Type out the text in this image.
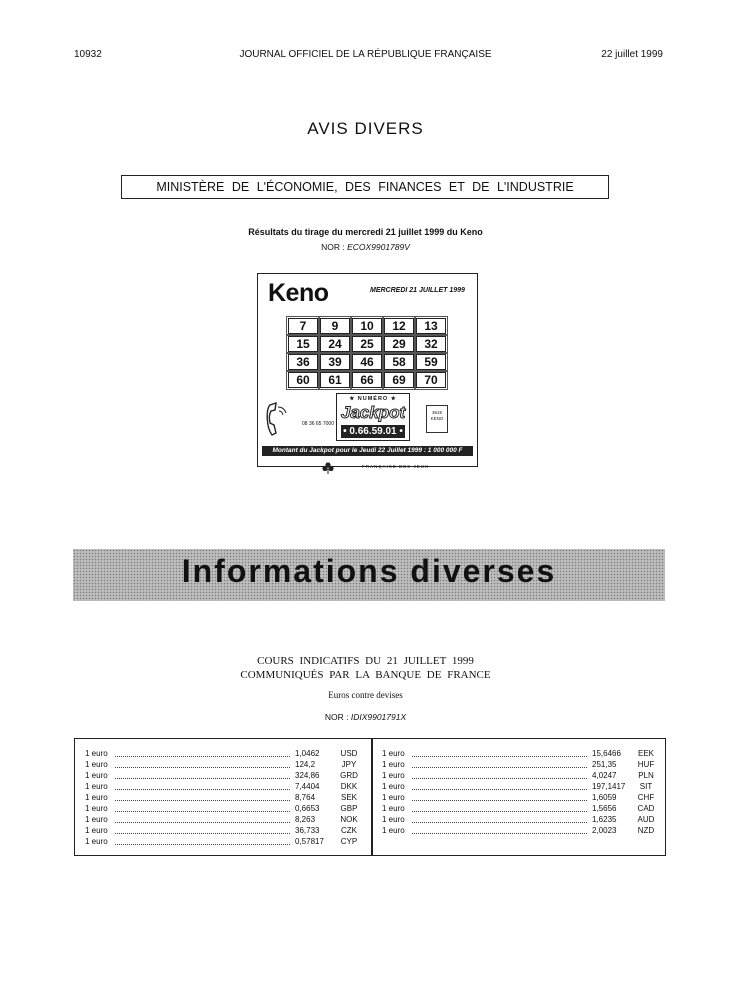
10932	JOURNAL OFFICIEL DE LA RÉPUBLIQUE FRANÇAISE	22 juillet 1999
AVIS DIVERS
MINISTÈRE DE L'ÉCONOMIE, DES FINANCES ET DE L'INDUSTRIE
Résultats du tirage du mercredi 21 juillet 1999 du Keno
NOR : ECOX9901789V
Keno	MERCREDI 21 JUILLET 1999
7	9	10	12	13
15	24	25	29	32
36	39	46	58	59
60	61	66	69	70
08 36 65 7000
★ NUMÉRO ★
Jackpot
• 0.66.59.01 •
3615 KENO
Montant du Jackpot pour le Jeudi 22 Juillet 1999 : 1 000 000 F
FRANÇAISE DES JEUX
Informations diverses
COURS INDICATIFS DU 21 JUILLET 1999
COMMUNIQUÉS PAR LA BANQUE DE FRANCE
Euros contre devises
NOR : IDIX9901791X
1 euro	1,0462	USD
1 euro	124,2	JPY
1 euro	324,86	GRD
1 euro	7,4404	DKK
1 euro	8,764	SEK
1 euro	0,6653	GBP
1 euro	8,263	NOK
1 euro	36,733	CZK
1 euro	0,57817	CYP
1 euro	15,6466	EEK
1 euro	251,35	HUF
1 euro	4,0247	PLN
1 euro	197,1417	SIT
1 euro	1,6059	CHF
1 euro	1,5656	CAD
1 euro	1,6235	AUD
1 euro	2,0023	NZD
